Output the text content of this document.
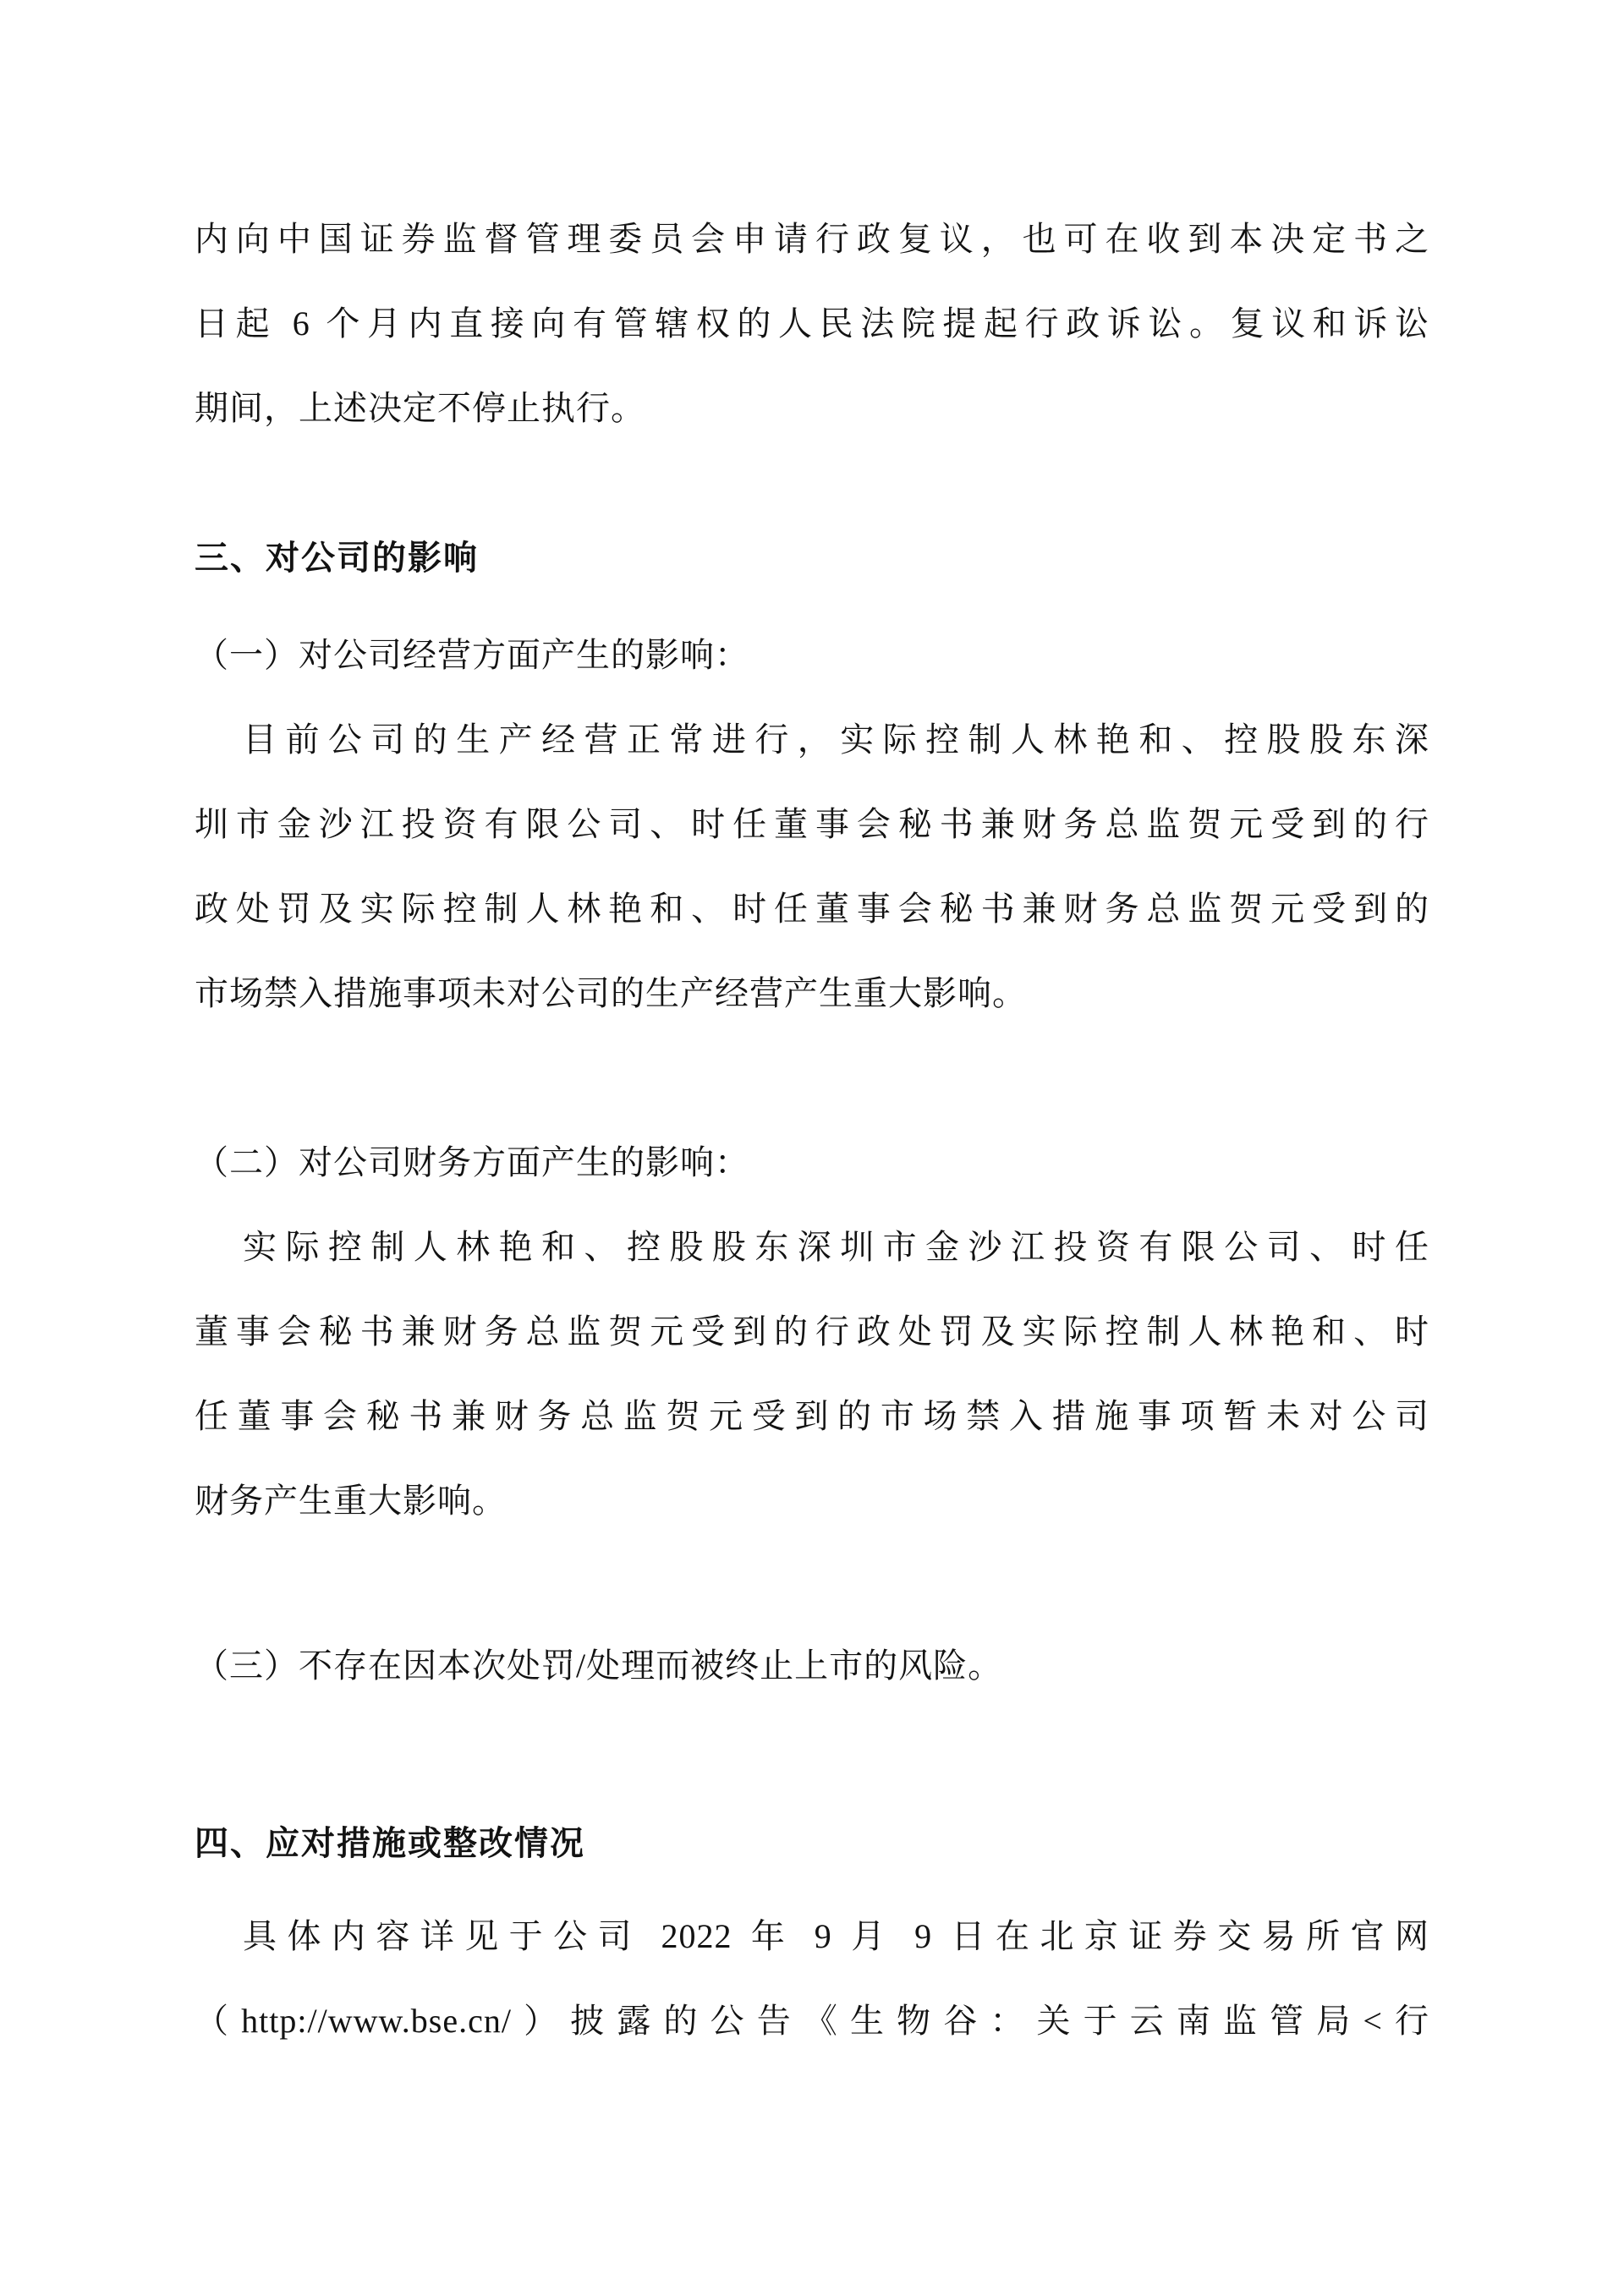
内向中国证券监督管理委员会申请行政复议，也可在收到本决定书之
日起 6 个月内直接向有管辖权的人民法院提起行政诉讼。复议和诉讼
期间，上述决定不停止执行。
三、对公司的影响
（一）对公司经营方面产生的影响：
目前公司的生产经营正常进行，实际控制人林艳和、控股股东深
圳市金沙江投资有限公司、时任董事会秘书兼财务总监贺元受到的行
政处罚及实际控制人林艳和、时任董事会秘书兼财务总监贺元受到的
市场禁入措施事项未对公司的生产经营产生重大影响。
（二）对公司财务方面产生的影响：
实际控制人林艳和、控股股东深圳市金沙江投资有限公司、时任
董事会秘书兼财务总监贺元受到的行政处罚及实际控制人林艳和、时
任董事会秘书兼财务总监贺元受到的市场禁入措施事项暂未对公司
财务产生重大影响。
（三）不存在因本次处罚/处理而被终止上市的风险。
四、应对措施或整改情况
具体内容详见于公司 2022 年 9 月 9 日在北京证券交易所官网
（http://www.bse.cn/）披露的公告《生物谷：关于云南监管局<行
